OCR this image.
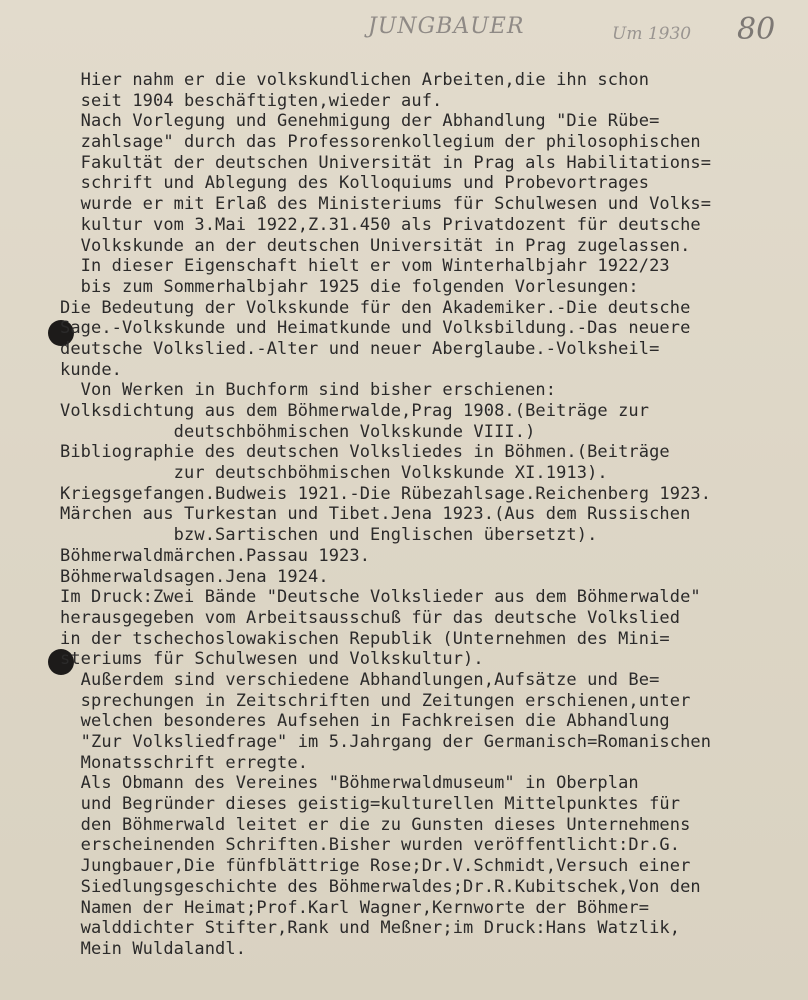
JUNGBAUER	Um 1930 80
Hier nahm er die volkskundlichen Arbeiten,die ihn schon
seit 1904 beschäftigten,wieder auf.
Nach Vorlegung und Genehmigung der Abhandlung "Die Rübe=
zahlsage" durch das Professorenkollegium der philosophischen
Fakultät der deutschen Universität in Prag als Habilitations=
schrift und Ablegung des Kolloquiums und Probevortrages
wurde er mit Erlaß des Ministeriums für Schulwesen und Volks=
kultur vom 3.Mai 1922,Z.31.450 als Privatdozent für deutsche
Volkskunde an der deutschen Universität in Prag zugelassen.
In dieser Eigenschaft hielt er vom Winterhalbjahr 1922/23
bis zum Sommerhalbjahr 1925 die folgenden Vorlesungen:
Die Bedeutung der Volkskunde für den Akademiker.-Die deutsche
Sage.-Volkskunde und Heimatkunde und Volksbildung.-Das neuere
deutsche Volkslied.-Alter und neuer Aberglaube.-Volksheil=
kunde.
Von Werken in Buchform sind bisher erschienen:
Volksdichtung aus dem Böhmerwalde,Prag 1908.(Beiträge zur
deutschböhmischen Volkskunde VIII.)
Bibliographie des deutschen Volksliedes in Böhmen.(Beiträge
zur deutschböhmischen Volkskunde XI.1913).
Kriegsgefangen.Budweis 1921.-Die Rübezahlsage.Reichenberg 1923.
Märchen aus Turkestan und Tibet.Jena 1923.(Aus dem Russischen
bzw.Sartischen und Englischen übersetzt).
Böhmerwaldmärchen.Passau 1923.
Böhmerwaldsagen.Jena 1924.
Im Druck:Zwei Bände "Deutsche Volkslieder aus dem Böhmerwalde"
herausgegeben vom Arbeitsausschuß für das deutsche Volkslied
in der tschechoslowakischen Republik (Unternehmen des Mini=
steriums für Schulwesen und Volkskultur).
Außerdem sind verschiedene Abhandlungen,Aufsätze und Be=
sprechungen in Zeitschriften und Zeitungen erschienen,unter
welchen besonderes Aufsehen in Fachkreisen die Abhandlung
"Zur Volksliedfrage" im 5.Jahrgang der Germanisch=Romanischen
Monatsschrift erregte.
Als Obmann des Vereines "Böhmerwaldmuseum" in Oberplan
und Begründer dieses geistig=kulturellen Mittelpunktes für
den Böhmerwald leitet er die zu Gunsten dieses Unternehmens
erscheinenden Schriften.Bisher wurden veröffentlicht:Dr.G.
Jungbauer,Die fünfblättrige Rose;Dr.V.Schmidt,Versuch einer
Siedlungsgeschichte des Böhmerwaldes;Dr.R.Kubitschek,Von den
Namen der Heimat;Prof.Karl Wagner,Kernworte der Böhmer=
walddichter Stifter,Rank und Meßner;im Druck:Hans Watzlik,
Mein Wuldalandl.
